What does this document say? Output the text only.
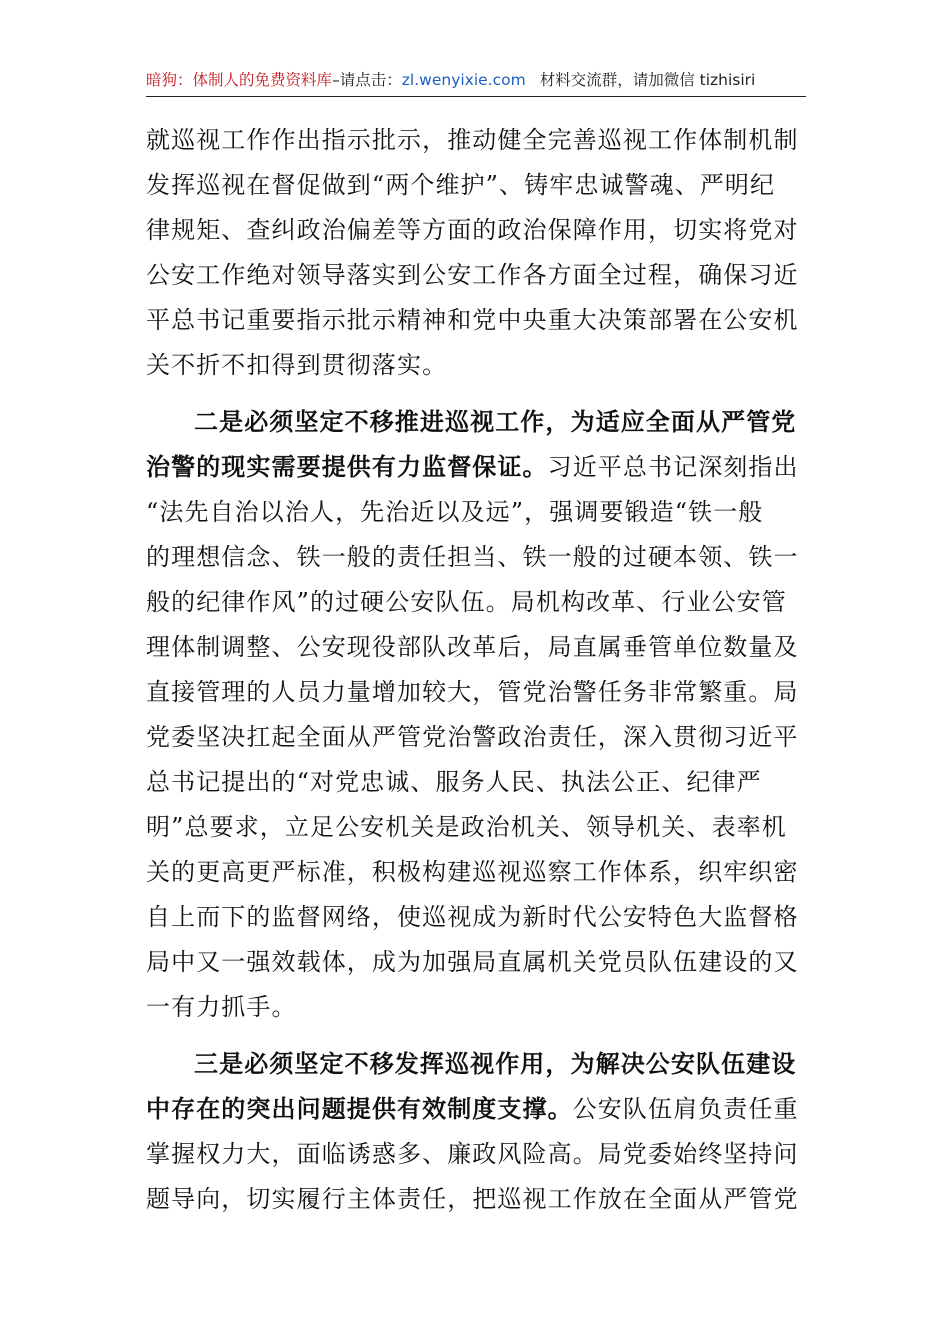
暗狗：体制人的免费资料库–请点击：zl.wenyixie.com 材料交流群，请加微信 tizhisiri
就巡视工作作出指示批示，推动健全完善巡视工作体制机制
发挥巡视在督促做到“两个维护”、铸牢忠诚警魂、严明纪
律规矩、查纠政治偏差等方面的政治保障作用，切实将党对
公安工作绝对领导落实到公安工作各方面全过程，确保习近
平总书记重要指示批示精神和党中央重大决策部署在公安机
关不折不扣得到贯彻落实。
二是必须坚定不移推进巡视工作，为适应全面从严管党
治警的现实需要提供有力监督保证。习近平总书记深刻指出
“法先自治以治人，先治近以及远”，强调要锻造“铁一般
的理想信念、铁一般的责任担当、铁一般的过硬本领、铁一
般的纪律作风”的过硬公安队伍。局机构改革、行业公安管
理体制调整、公安现役部队改革后，局直属垂管单位数量及
直接管理的人员力量增加较大，管党治警任务非常繁重。局
党委坚决扛起全面从严管党治警政治责任，深入贯彻习近平
总书记提出的“对党忠诚、服务人民、执法公正、纪律严
明”总要求，立足公安机关是政治机关、领导机关、表率机
关的更高更严标准，积极构建巡视巡察工作体系，织牢织密
自上而下的监督网络，使巡视成为新时代公安特色大监督格
局中又一强效载体，成为加强局直属机关党员队伍建设的又
一有力抓手。
三是必须坚定不移发挥巡视作用，为解决公安队伍建设
中存在的突出问题提供有效制度支撑。公安队伍肩负责任重
掌握权力大，面临诱惑多、廉政风险高。局党委始终坚持问
题导向，切实履行主体责任，把巡视工作放在全面从严管党
